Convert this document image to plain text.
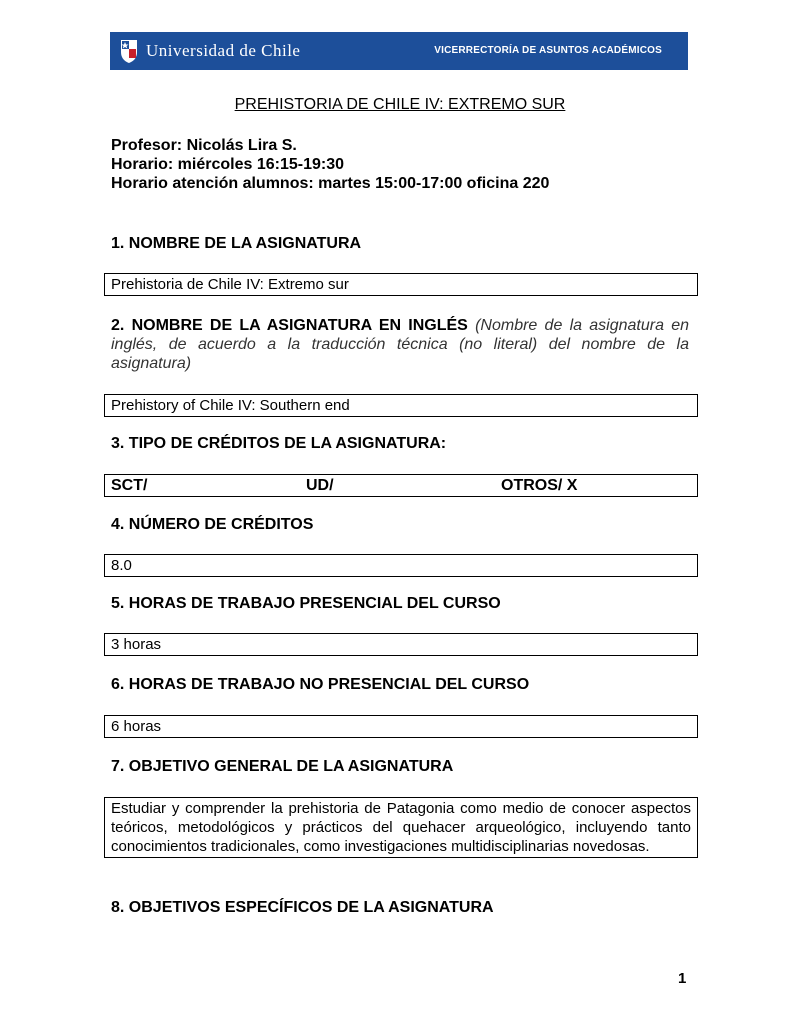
Universidad de Chile	VICERRECTORÍA DE ASUNTOS ACADÉMICOS
PREHISTORIA DE CHILE IV: EXTREMO SUR
Profesor: Nicolás Lira S.
Horario: miércoles 16:15-19:30
Horario atención alumnos: martes 15:00-17:00 oficina 220
1. NOMBRE DE LA ASIGNATURA
Prehistoria de Chile IV: Extremo sur
2. NOMBRE DE LA ASIGNATURA EN INGLÉS (Nombre de la asignatura en inglés, de acuerdo a la traducción técnica (no literal) del nombre de la asignatura)
Prehistory of Chile IV: Southern end
3. TIPO DE CRÉDITOS DE LA ASIGNATURA:
SCT/	UD/	OTROS/ X
4. NÚMERO DE CRÉDITOS
8.0
5. HORAS DE TRABAJO PRESENCIAL DEL CURSO
3 horas
6. HORAS DE TRABAJO NO PRESENCIAL DEL CURSO
6 horas
7. OBJETIVO GENERAL DE LA ASIGNATURA
Estudiar y comprender la prehistoria de Patagonia como medio de conocer aspectos teóricos, metodológicos y prácticos del quehacer arqueológico, incluyendo tanto conocimientos tradicionales, como investigaciones multidisciplinarias novedosas.
8. OBJETIVOS ESPECÍFICOS DE LA ASIGNATURA
1
